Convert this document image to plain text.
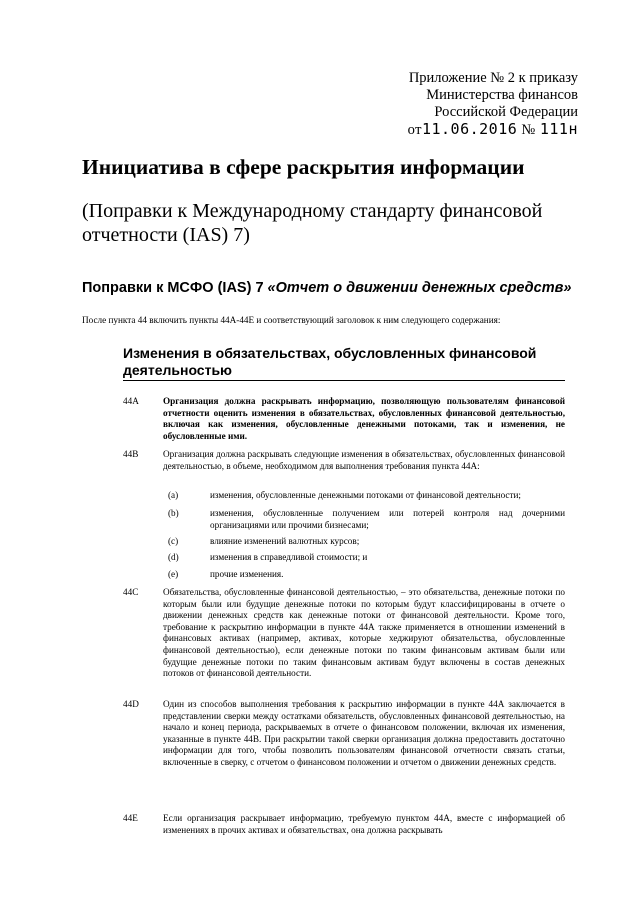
Приложение № 2 к приказу
Министерства финансов
Российской Федерации
от11.06.2016 № 111н
Инициатива в сфере раскрытия информации

(Поправки к Международному стандарту финансовой отчетности (IAS) 7)

Поправки к МСФО (IAS) 7 «Отчет о движении денежных средств»

После пункта 44 включить пункты 44А-44Е и соответствующий заголовок к ним следующего содержания:

Изменения в обязательствах, обусловленных финансовой деятельностью
44А	Организация должна раскрывать информацию, позволяющую пользователям финансовой отчетности оценить изменения в обязательствах, обусловленных финансовой деятельностью, включая как изменения, обусловленные денежными потоками, так и изменения, не обусловленные ими.
44В	Организация должна раскрывать следующие изменения в обязательствах, обусловленных финансовой деятельностью, в объеме, необходимом для выполнения требования пункта 44А:
(a)	изменения, обусловленные денежными потоками от финансовой деятельности;
(b)	изменения, обусловленные получением или потерей контроля над дочерними организациями или прочими бизнесами;
(c)	влияние изменений валютных курсов;
(d)	изменения в справедливой стоимости; и
(e)	прочие изменения.
44С	Обязательства, обусловленные финансовой деятельностью, – это обязательства, денежные потоки по которым были или будущие денежные потоки по которым будут классифицированы в отчете о движении денежных средств как денежные потоки от финансовой деятельности. Кроме того, требование к раскрытию информации в пункте 44А также применяется в отношении изменений в финансовых активах (например, активах, которые хеджируют обязательства, обусловленные финансовой деятельностью), если денежные потоки по таким финансовым активам были или будущие денежные потоки по таким финансовым активам будут включены в состав денежных потоков от финансовой деятельности.
44D	Один из способов выполнения требования к раскрытию информации в пункте 44А заключается в представлении сверки между остатками обязательств, обусловленных финансовой деятельностью, на начало и конец периода, раскрываемых в отчете о финансовом положении, включая их изменения, указанные в пункте 44В. При раскрытии такой сверки организация должна предоставить достаточно информации для того, чтобы позволить пользователям финансовой отчетности связать статьи, включенные в сверку, с отчетом о финансовом положении и отчетом о движении денежных средств.
44Е	Если организация раскрывает информацию, требуемую пунктом 44А, вместе с информацией об изменениях в прочих активах и обязательствах, она должна раскрывать
